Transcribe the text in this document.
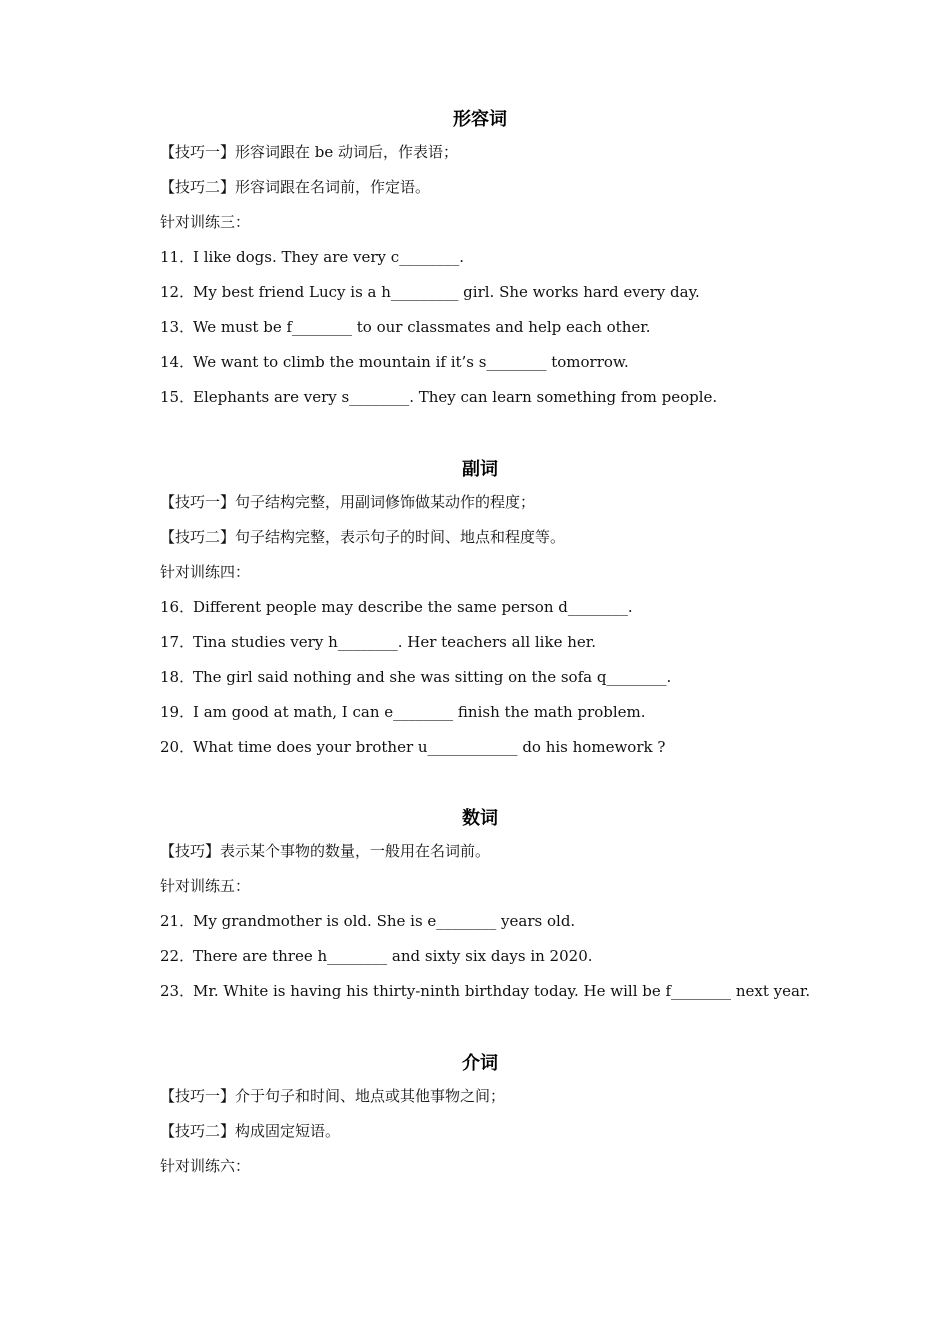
形容词
【技巧一】形容词跟在 be 动词后，作表语；
【技巧二】形容词跟在名词前，作定语。
针对训练三：
11．I like dogs. They are very c________.
12．My best friend Lucy is a h_________ girl. She works hard every day.
13．We must be f________ to our classmates and help each other.
14．We want to climb the mountain if it’s s________ tomorrow.
15．Elephants are very s________. They can learn something from people.
副词
【技巧一】句子结构完整，用副词修饰做某动作的程度；
【技巧二】句子结构完整，表示句子的时间、地点和程度等。
针对训练四：
16．Different people may describe the same person d________.
17．Tina studies very h________. Her teachers all like her.
18．The girl said nothing and she was sitting on the sofa q________.
19．I am good at math, I can e________ finish the math problem.
20．What time does your brother u____________ do his homework ?
数词
【技巧】表示某个事物的数量，一般用在名词前。
针对训练五：
21．My grandmother is old. She is e________ years old.
22．There are three h________ and sixty six days in 2020.
23．Mr. White is having his thirty-ninth birthday today. He will be f________ next year.
介词
【技巧一】介于句子和时间、地点或其他事物之间；
【技巧二】构成固定短语。
针对训练六：
